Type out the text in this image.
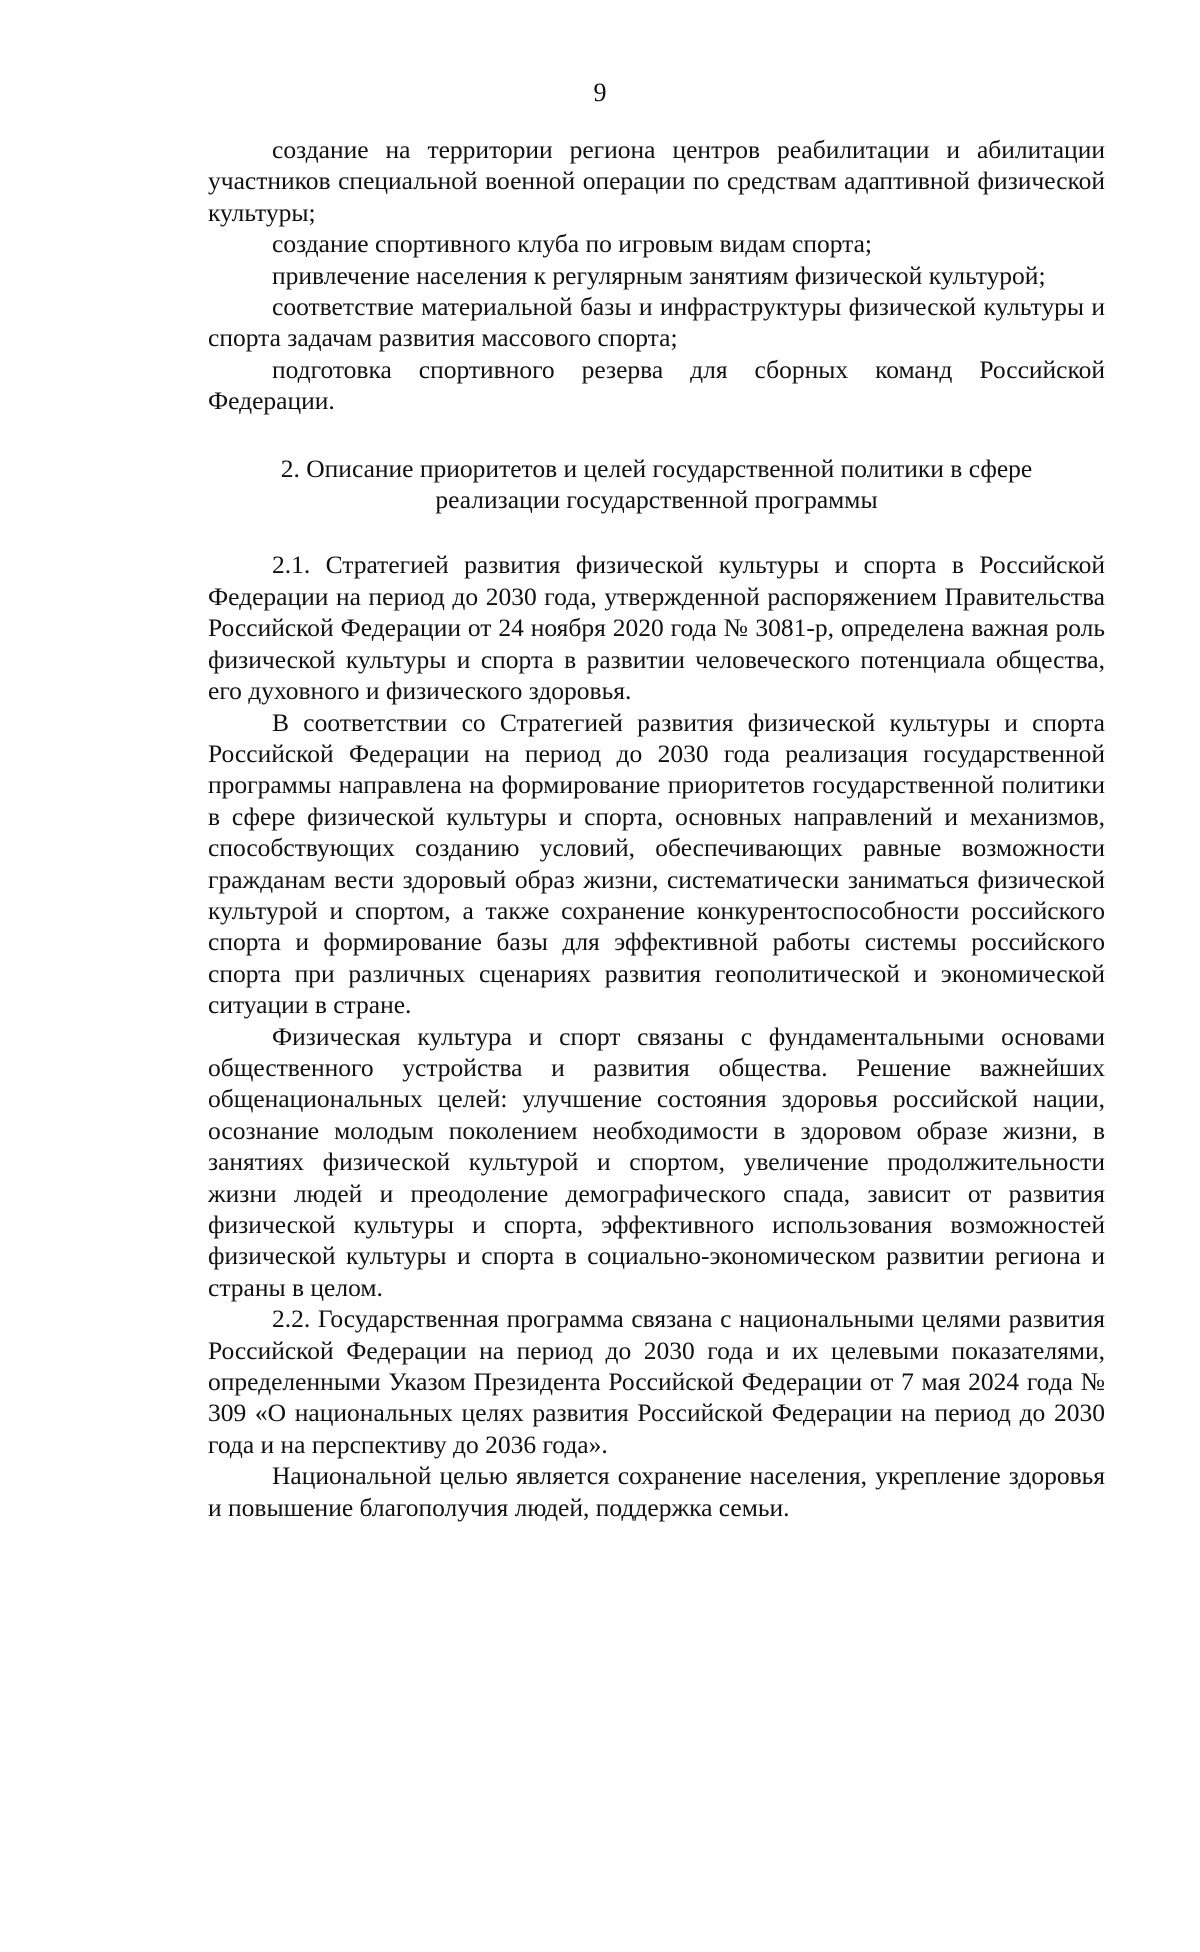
9

создание на территории региона центров реабилитации и абилитации участников специальной военной операции по средствам адаптивной физической культуры;

создание спортивного клуба по игровым видам спорта;

привлечение населения к регулярным занятиям физической культурой;

соответствие материальной базы и инфраструктуры физической культуры и спорта задачам развития массового спорта;

подготовка спортивного резерва для сборных команд Российской Федерации.

2. Описание приоритетов и целей государственной политики в сфере реализации государственной программы

2.1. Стратегией развития физической культуры и спорта в Российской Федерации на период до 2030 года, утвержденной распоряжением Правительства Российской Федерации от 24 ноября 2020 года № 3081-р, определена важная роль физической культуры и спорта в развитии человеческого потенциала общества, его духовного и физического здоровья.

В соответствии со Стратегией развития физической культуры и спорта Российской Федерации на период до 2030 года реализация государственной программы направлена на формирование приоритетов государственной политики в сфере физической культуры и спорта, основных направлений и механизмов, способствующих созданию условий, обеспечивающих равные возможности гражданам вести здоровый образ жизни, систематически заниматься физической культурой и спортом, а также сохранение конкурентоспособности российского спорта и формирование базы для эффективной работы системы российского спорта при различных сценариях развития геополитической и экономической ситуации в стране.

Физическая культура и спорт связаны с фундаментальными основами общественного устройства и развития общества. Решение важнейших общенациональных целей: улучшение состояния здоровья российской нации, осознание молодым поколением необходимости в здоровом образе жизни, в занятиях физической культурой и спортом, увеличение продолжительности жизни людей и преодоление демографического спада, зависит от развития физической культуры и спорта, эффективного использования возможностей физической культуры и спорта в социально-экономическом развитии региона и страны в целом.

2.2. Государственная программа связана с национальными целями развития Российской Федерации на период до 2030 года и их целевыми показателями, определенными Указом Президента Российской Федерации от 7 мая 2024 года № 309 «О национальных целях развития Российской Федерации на период до 2030 года и на перспективу до 2036 года».

Национальной целью является сохранение населения, укрепление здоровья и повышение благополучия людей, поддержка семьи.
